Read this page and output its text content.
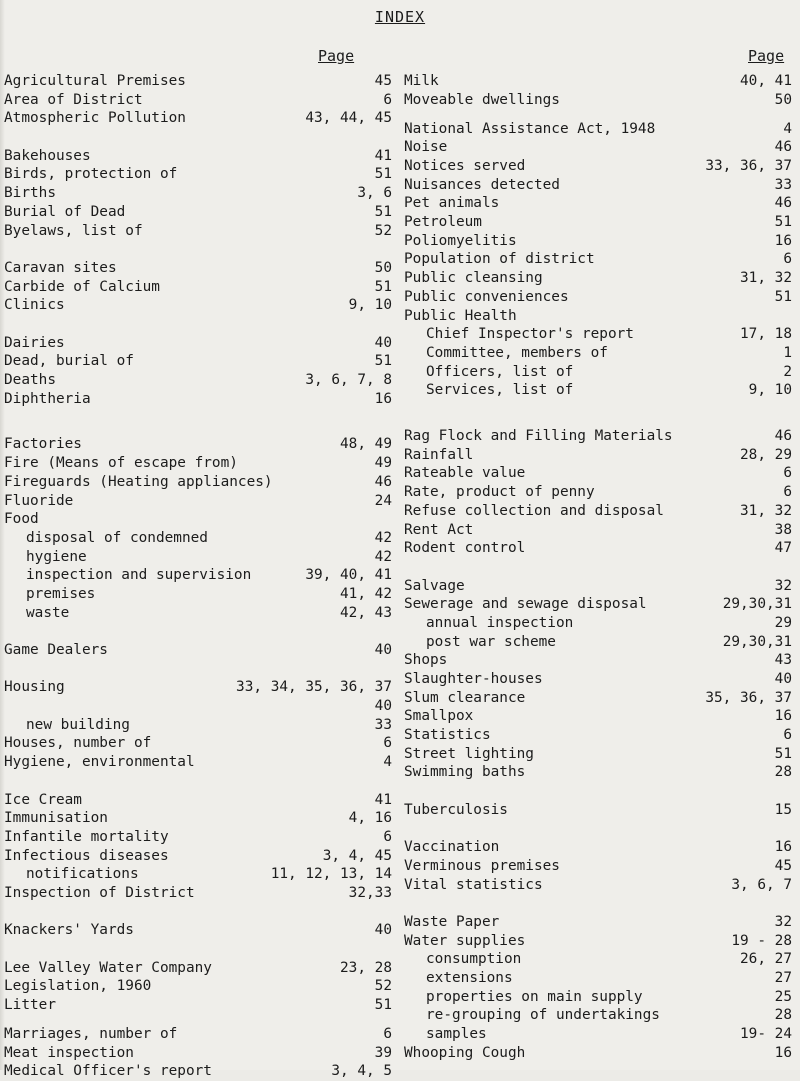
INDEX
Page	Page
Agricultural Premises	45
Area of District	6
Atmospheric Pollution	43, 44, 45
Bakehouses	41
Birds, protection of	51
Births	3, 6
Burial of Dead	51
Byelaws, list of	52
Caravan sites	50
Carbide of Calcium	51
Clinics	9, 10
Dairies	40
Dead, burial of	51
Deaths	3, 6, 7, 8
Diphtheria	16
Factories	48, 49
Fire (Means of escape from)	49
Fireguards (Heating appliances)	46
Fluoride	24
Food
disposal of condemned	42
hygiene	42
inspection and supervision	39, 40, 41
premises	41, 42
waste	42, 43
Game Dealers	40
Housing	33, 34, 35, 36, 37
40
new building	33
Houses, number of	6
Hygiene, environmental	4
Ice Cream	41
Immunisation	4, 16
Infantile mortality	6
Infectious diseases	3, 4, 45
notifications	11, 12, 13, 14
Inspection of District	32,33
Knackers' Yards	40
Lee Valley Water Company	23, 28
Legislation, 1960	52
Litter	51
Marriages, number of	6
Meat inspection	39
Medical Officer's report	3, 4, 5
Milk	40, 41
Moveable dwellings	50
National Assistance Act, 1948	4
Noise	46
Notices served	33, 36, 37
Nuisances detected	33
Pet animals	46
Petroleum	51
Poliomyelitis	16
Population of district	6
Public cleansing	31, 32
Public conveniences	51
Public Health
Chief Inspector's report	17, 18
Committee, members of	1
Officers, list of	2
Services, list of	9, 10
Rag Flock and Filling Materials	46
Rainfall	28, 29
Rateable value	6
Rate, product of penny	6
Refuse collection and disposal	31, 32
Rent Act	38
Rodent control	47
Salvage	32
Sewerage and sewage disposal	29,30,31
annual inspection	29
post war scheme	29,30,31
Shops	43
Slaughter-houses	40
Slum clearance	35, 36, 37
Smallpox	16
Statistics	6
Street lighting	51
Swimming baths	28
Tuberculosis	15
Vaccination	16
Verminous premises	45
Vital statistics	3, 6, 7
Waste Paper	32
Water supplies	19 - 28
consumption	26, 27
extensions	27
properties on main supply	25
re-grouping of undertakings	28
samples	19- 24
Whooping Cough	16
